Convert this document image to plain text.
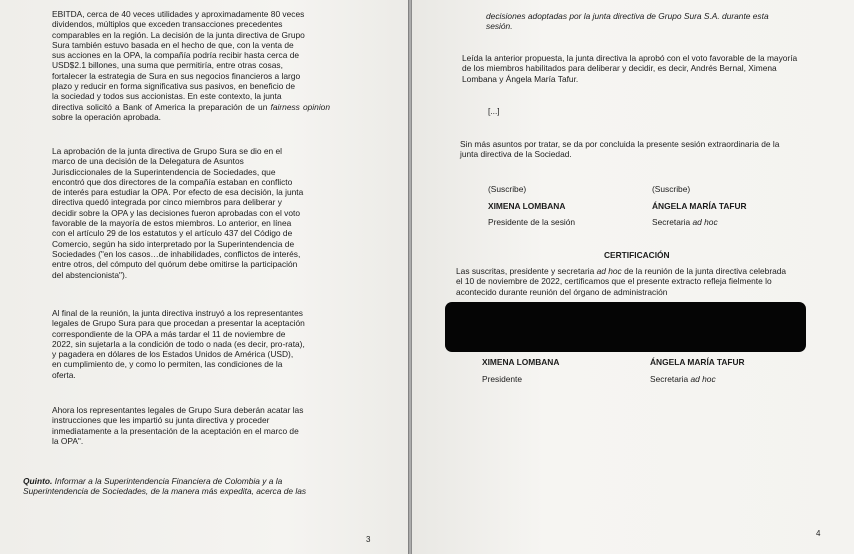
EBITDA, cerca de 40 veces utilidades y aproximadamente 80 veces
dividendos, múltiplos que exceden transacciones precedentes
comparables en la región. La decisión de la junta directiva de Grupo
Sura también estuvo basada en el hecho de que, con la venta de
sus acciones en la OPA, la compañía podría recibir hasta cerca de
USD$2.1 billones, una suma que permitiría, entre otras cosas,
fortalecer la estrategia de Sura en sus negocios financieros a largo
plazo y reducir en forma significativa sus pasivos, en beneficio de
la sociedad y todos sus accionistas. En este contexto, la junta
directiva solicitó a Bank of America la preparación de un fairness opinion sobre la operación aprobada.

La aprobación de la junta directiva de Grupo Sura se dio en el
marco de una decisión de la Delegatura de Asuntos
Jurisdiccionales de la Superintendencia de Sociedades, que
encontró que dos directores de la compañía estaban en conflicto
de interés para estudiar la OPA. Por efecto de esa decisión, la junta
directiva quedó integrada por cinco miembros para deliberar y
decidir sobre la OPA y las decisiones fueron aprobadas con el voto
favorable de la mayoría de estos miembros. Lo anterior, en línea
con el artículo 29 de los estatutos y el artículo 437 del Código de
Comercio, según ha sido interpretado por la Superintendencia de
Sociedades ("en los casos…de inhabilidades, conflictos de interés,
entre otros, del cómputo del quórum debe omitirse la participación
del abstencionista").

Al final de la reunión, la junta directiva instruyó a los representantes
legales de Grupo Sura para que procedan a presentar la aceptación
correspondiente de la OPA a más tardar el 11 de noviembre de
2022, sin sujetarla a la condición de todo o nada (es decir, pro-rata),
y pagadera en dólares de los Estados Unidos de América (USD),
en cumplimiento de, y como lo permiten, las condiciones de la
oferta.

Ahora los representantes legales de Grupo Sura deberán acatar las
instrucciones que les impartió su junta directiva y proceder
inmediatamente a la presentación de la aceptación en el marco de
la OPA".

Quinto. Informar a la Superintendencia Financiera de Colombia y a la
Superintendencia de Sociedades, de la manera más expedita, acerca de las

3

decisiones adoptadas por la junta directiva de Grupo Sura S.A. durante esta
sesión.

Leída la anterior propuesta, la junta directiva la aprobó con el voto favorable de la mayoría
de los miembros habilitados para deliberar y decidir, es decir, Andrés Bernal, Ximena
Lombana y Ángela María Tafur.

[...]

Sin más asuntos por tratar, se da por concluida la presente sesión extraordinaria de la
junta directiva de la Sociedad.

(Suscribe)
XIMENA LOMBANA
Presidente de la sesión
(Suscribe)
ÁNGELA MARÍA TAFUR
Secretaria ad hoc
CERTIFICACIÓN

Las suscritas, presidente y secretaria ad hoc de la reunión de la junta directiva celebrada
el 10 de noviembre de 2022, certificamos que el presente extracto refleja fielmente lo
acontecido durante reunión del órgano de administración

XIMENA LOMBANA
Presidente
ÁNGELA MARÍA TAFUR
Secretaria ad hoc
4
